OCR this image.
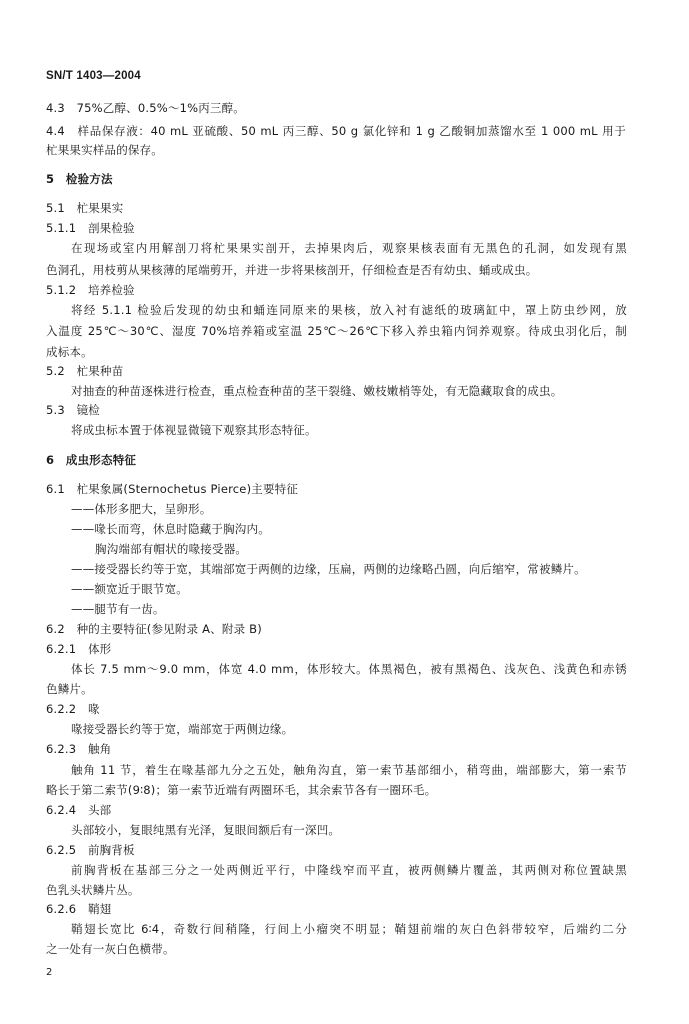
SN/T 1403—2004
4.3　75%乙醇、0.5%～1%丙三醇。
4.4　样品保存液：40 mL 亚硫酸、50 mL 丙三醇、50 g 氯化锌和 1 g 乙酸铜加蒸馏水至 1 000 mL 用于
杧果果实样品的保存。
5　检验方法
5.1　杧果果实
5.1.1　剖果检验
在现场或室内用解剖刀将杧果果实剖开，去掉果肉后，观察果核表面有无黑色的孔洞，如发现有黑
色洞孔，用枝剪从果核薄的尾端剪开，并进一步将果核剖开，仔细检查是否有幼虫、蛹或成虫。
5.1.2　培养检验
将经 5.1.1 检验后发现的幼虫和蛹连同原来的果核，放入衬有滤纸的玻璃缸中，罩上防虫纱网，放
入温度 25℃～30℃、湿度 70%培养箱或室温 25℃～26℃下移入养虫箱内饲养观察。待成虫羽化后，制
成标本。
5.2　杧果种苗
对抽查的种苗逐株进行检查，重点检查种苗的茎干裂缝、嫩枝嫩梢等处，有无隐藏取食的成虫。
5.3　镜检
将成虫标本置于体视显微镜下观察其形态特征。
6　成虫形态特征
6.1　杧果象属(Sternochetus Pierce)主要特征
——体形多肥大，呈卵形。
——喙长而弯，休息时隐藏于胸沟内。
胸沟端部有帽状的喙接受器。
——接受器长约等于宽，其端部宽于两侧的边缘，压扁，两侧的边缘略凸圆，向后缩窄，常被鳞片。
——额宽近于眼节宽。
——腿节有一齿。
6.2　种的主要特征(参见附录 A、附录 B)
6.2.1　体形
体长 7.5 mm～9.0 mm，体宽 4.0 mm，体形较大。体黑褐色，被有黑褐色、浅灰色、浅黄色和赤锈
色鳞片。
6.2.2　喙
喙接受器长约等于宽，端部宽于两侧边缘。
6.2.3　触角
触角 11 节，着生在喙基部九分之五处，触角沟直，第一索节基部细小，稍弯曲，端部膨大，第一索节
略长于第二索节(9∶8)；第一索节近端有两圈环毛，其余索节各有一圈环毛。
6.2.4　头部
头部较小，复眼纯黑有光泽，复眼间额后有一深凹。
6.2.5　前胸背板
前胸背板在基部三分之一处两侧近平行，中隆线窄而平直，被两侧鳞片覆盖，其两侧对称位置缺黑
色乳头状鳞片丛。
6.2.6　鞘翅
鞘翅长宽比 6∶4，奇数行间稍隆，行间上小瘤突不明显；鞘翅前端的灰白色斜带较窄，后端约二分
之一处有一灰白色横带。
2
